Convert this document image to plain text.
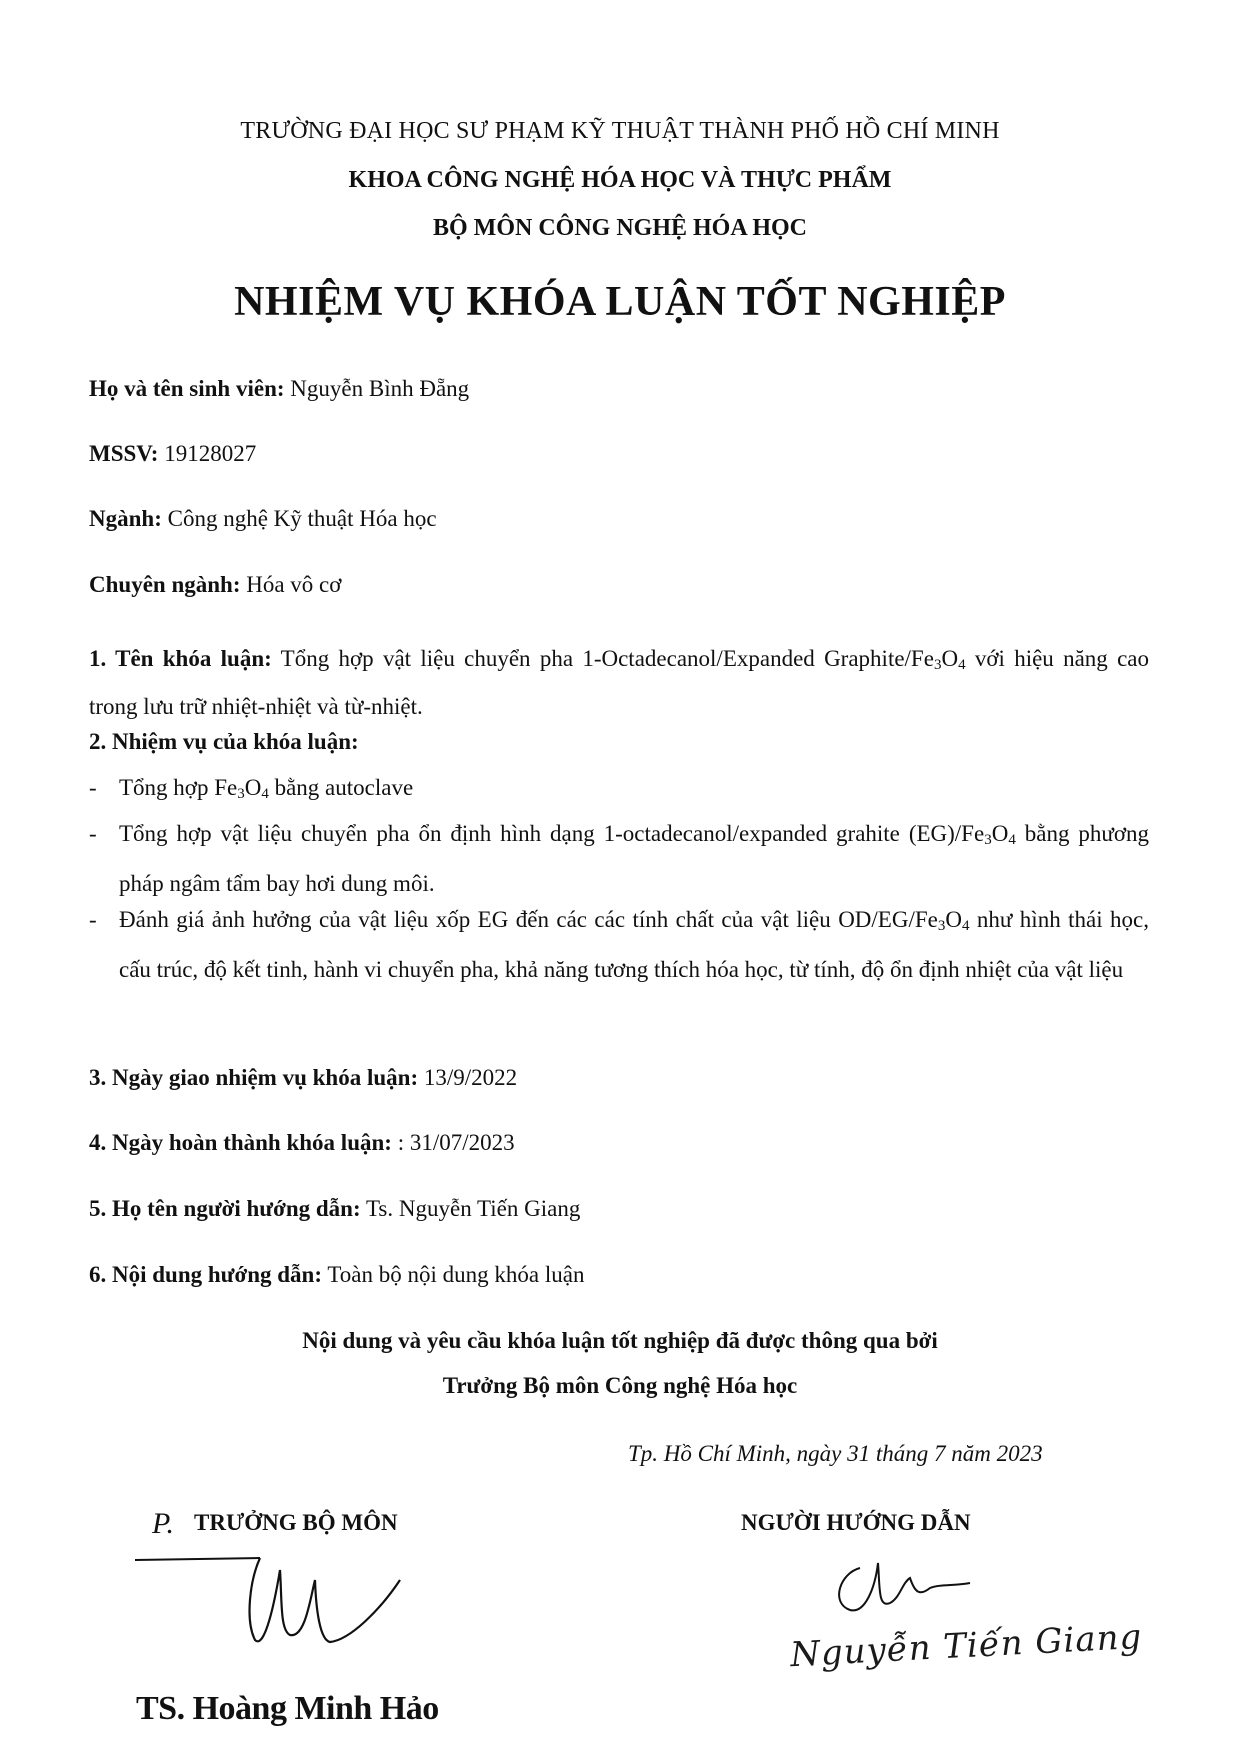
TRƯỜNG ĐẠI HỌC SƯ PHẠM KỸ THUẬT THÀNH PHỐ HỒ CHÍ MINH
KHOA CÔNG NGHỆ HÓA HỌC VÀ THỰC PHẨM
BỘ MÔN CÔNG NGHỆ HÓA HỌC
NHIỆM VỤ KHÓA LUẬN TỐT NGHIỆP
Họ và tên sinh viên: Nguyễn Bình Đẵng
MSSV: 19128027
Ngành: Công nghệ Kỹ thuật Hóa học
Chuyên ngành: Hóa vô cơ
1. Tên khóa luận: Tổng hợp vật liệu chuyển pha 1-Octadecanol/Expanded Graphite/$Fe_3O_4$ với hiệu năng cao trong lưu trữ nhiệt-nhiệt và từ-nhiệt.
2. Nhiệm vụ của khóa luận:
- Tổng hợp $Fe_3O_4$ bằng autoclave
- Tổng hợp vật liệu chuyển pha ổn định hình dạng 1-octadecanol/expanded grahite $(EG)/Fe_3O_4$ bằng phương pháp ngâm tẩm bay hơi dung môi.
- Đánh giá ảnh hưởng của vật liệu xốp EG đến các các tính chất của vật liệu $OD/EG/Fe_3O_4$ như hình thái học, cấu trúc, độ kết tinh, hành vi chuyển pha, khả năng tương thích hóa học, từ tính, độ ổn định nhiệt của vật liệu
3. Ngày giao nhiệm vụ khóa luận: 13/9/2022
4. Ngày hoàn thành khóa luận: : 31/07/2023
5. Họ tên người hướng dẫn: Ts. Nguyễn Tiến Giang
6. Nội dung hướng dẫn: Toàn bộ nội dung khóa luận
Nội dung và yêu cầu khóa luận tốt nghiệp đã được thông qua bởi
Trưởng Bộ môn Công nghệ Hóa học
Tp. Hồ Chí Minh, ngày 31 tháng 7 năm 2023
P. TRƯỞNG BỘ MÔN
TS. Hoàng Minh Hảo
NGƯỜI HƯỚNG DẪN
Nguyễn Tiến Giang
